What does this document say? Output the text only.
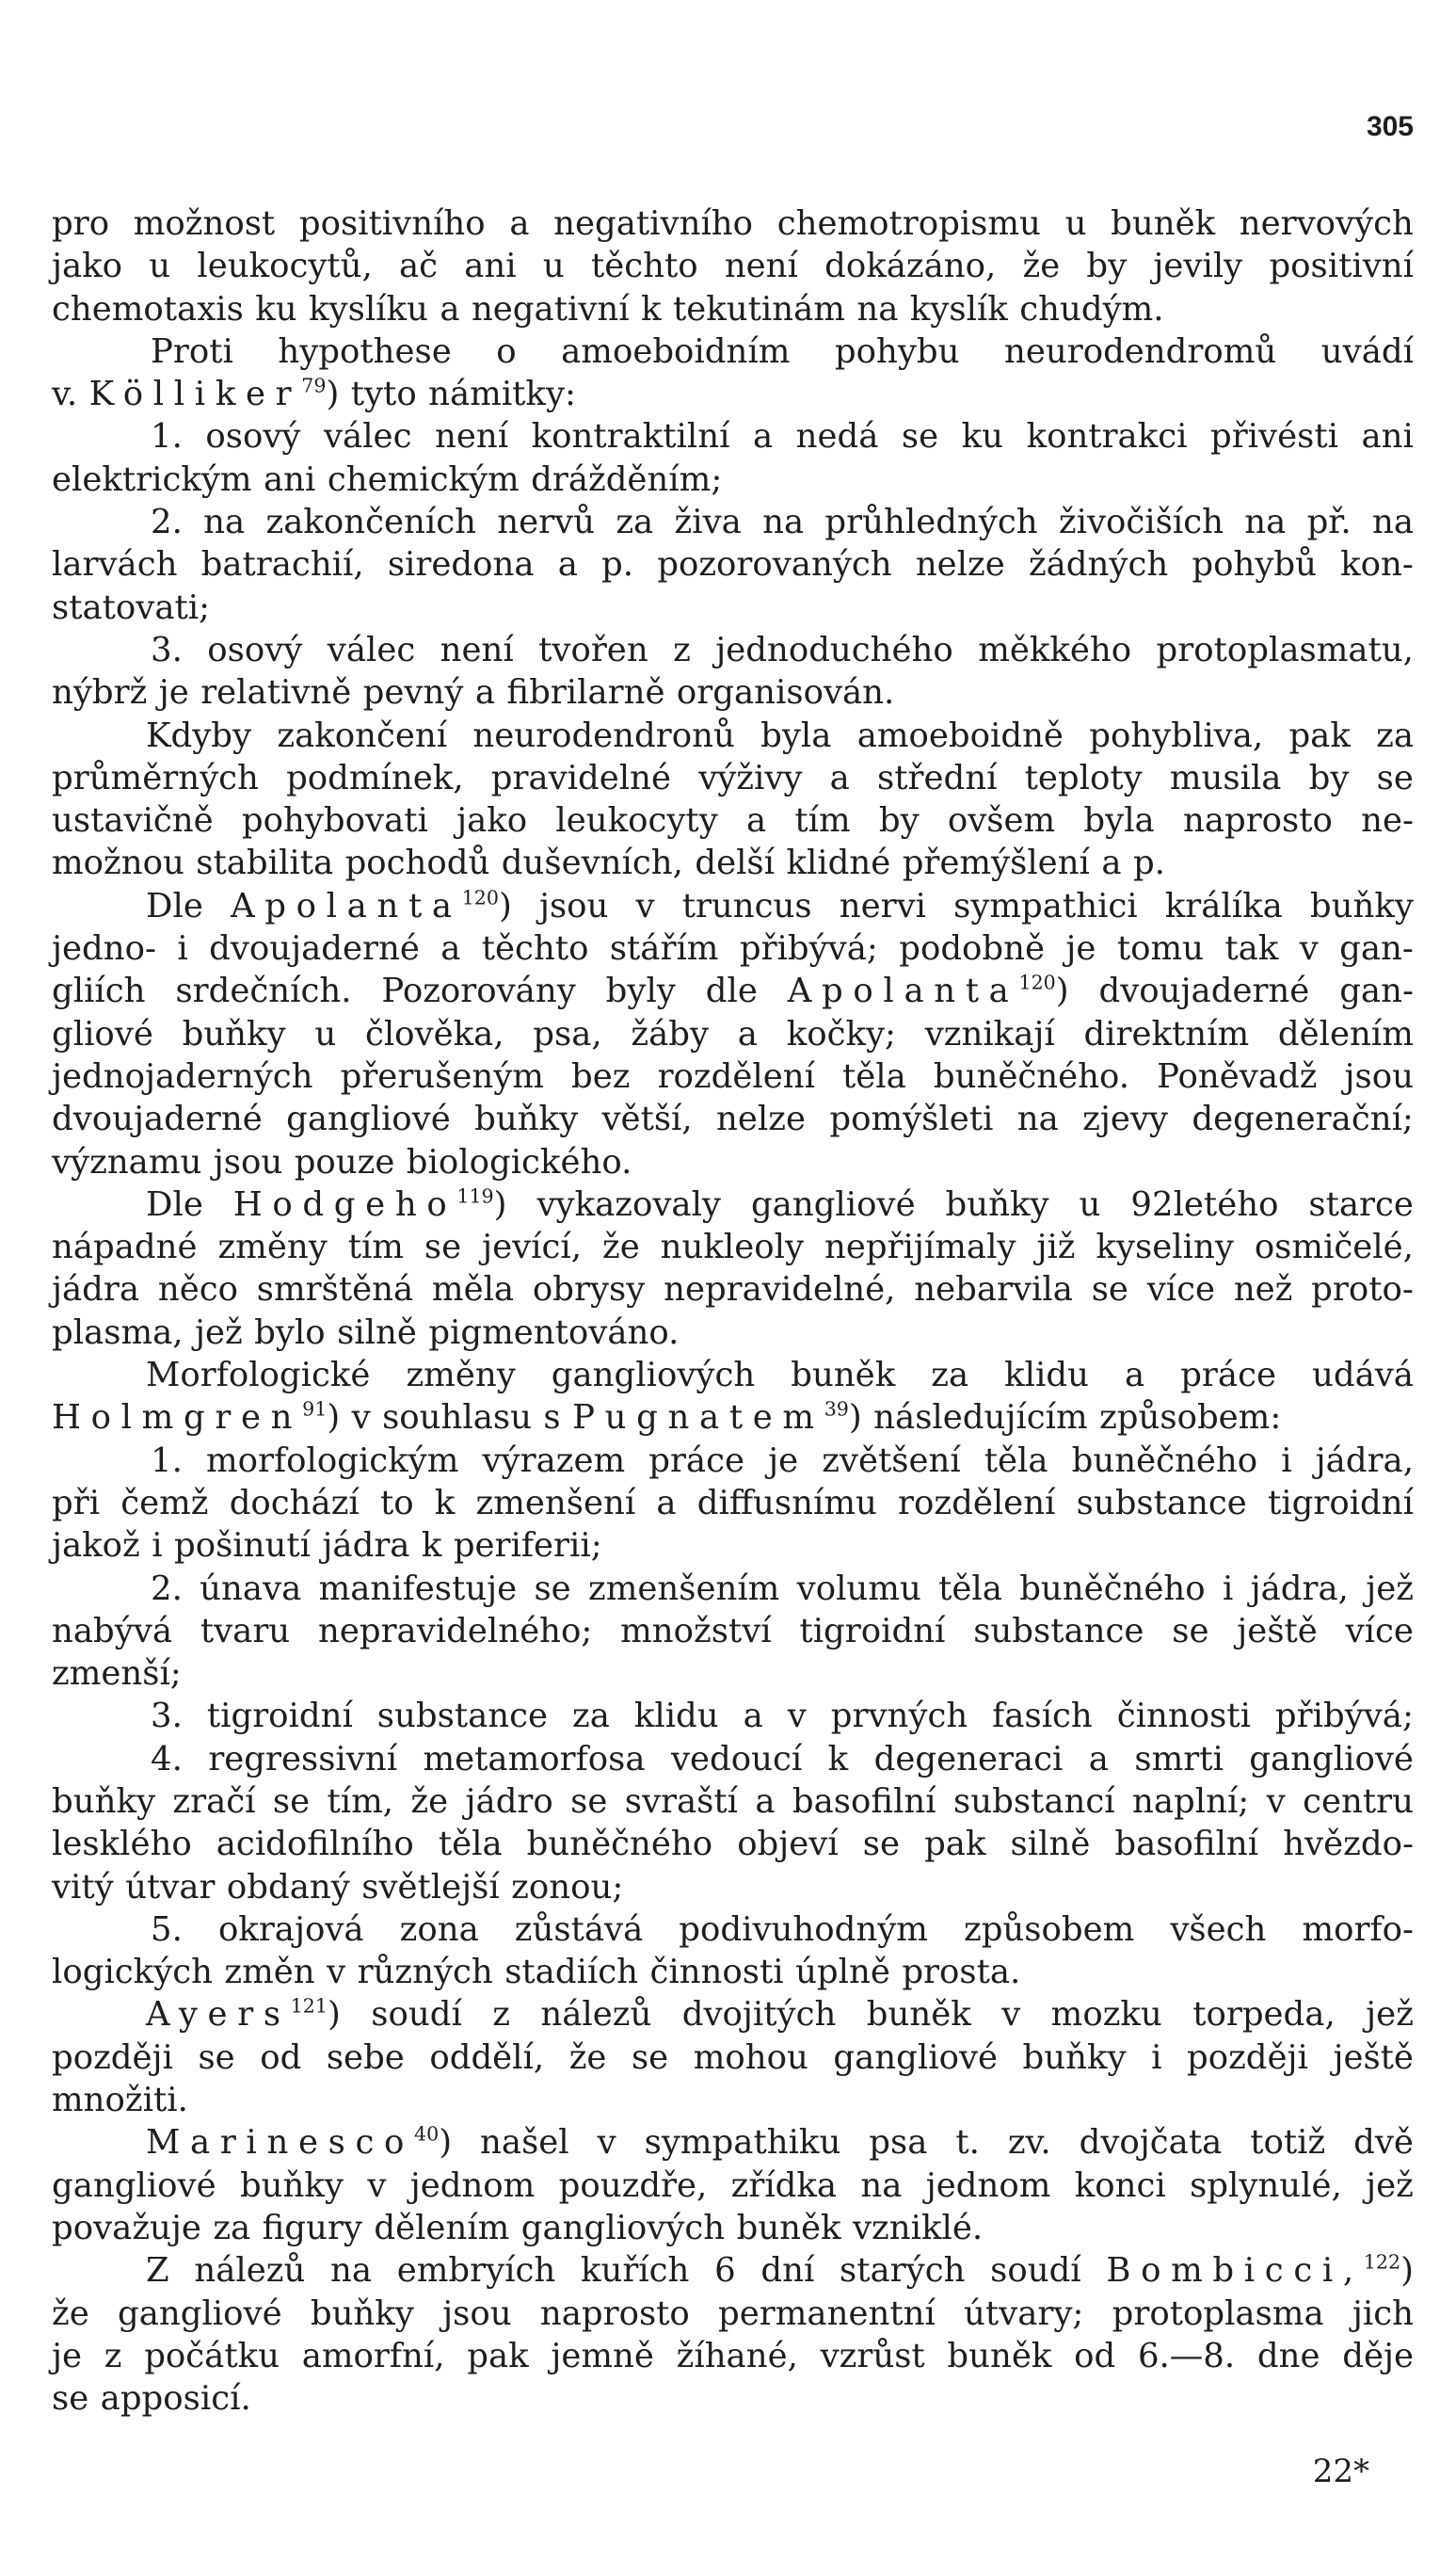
305
pro možnost positivního a negativního chemotropismu u buněk nervových
jako u leukocytů, ač ani u těchto není dokázáno, že by jevily positivní
chemotaxis ku kyslíku a negativní k tekutinám na kyslík chudým.
Proti hypothese o amoeboidním pohybu neurodendromů uvádí
v. Kölliker$^{79}$) tyto námitky:
1. osový válec není kontraktilní a nedá se ku kontrakci přivésti ani
elektrickým ani chemickým drážděním;
2. na zakončeních nervů za živa na průhledných živočiších na př. na
larvách batrachií, siredona a p. pozorovaných nelze žádných pohybů kon-
statovati;
3. osový válec není tvořen z jednoduchého měkkého protoplasmatu,
nýbrž je relativně pevný a fibrilarně organisován.
Kdyby zakončení neurodendronů byla amoeboidně pohybliva, pak za
průměrných podmínek, pravidelné výživy a střední teploty musila by se
ustavičně pohybovati jako leukocyty a tím by ovšem byla naprosto ne-
možnou stabilita pochodů duševních, delší klidné přemýšlení a p.
Dle Apolanta$^{120}$) jsou v truncus nervi sympathici králíka buňky
jedno- i dvoujaderné a těchto stářím přibývá; podobně je tomu tak v gan-
gliích srdečních. Pozorovány byly dle Apolanta$^{120}$) dvoujaderné gan-
gliové buňky u člověka, psa, žáby a kočky; vznikají direktním dělením
jednojaderných přerušeným bez rozdělení těla buněčného. Poněvadž jsou
dvoujaderné gangliové buňky větší, nelze pomýšleti na zjevy degenerační;
významu jsou pouze biologického.
Dle Hodgeho$^{119}$) vykazovaly gangliové buňky u 92letého starce
nápadné změny tím se jevící, že nukleoly nepřijímaly již kyseliny osmičelé,
jádra něco smrštěná měla obrysy nepravidelné, nebarvila se více než proto-
plasma, jež bylo silně pigmentováno.
Morfologické změny gangliových buněk za klidu a práce udává
Holmgren$^{91}$) v souhlasu s Pugnatem$^{39}$) následujícím způsobem:
1. morfologickým výrazem práce je zvětšení těla buněčného i jádra,
při čemž dochází to k zmenšení a diffusnímu rozdělení substance tigroidní
jakož i pošinutí jádra k periferii;
2. únava manifestuje se zmenšením volumu těla buněčného i jádra, jež
nabývá tvaru nepravidelného; množství tigroidní substance se ještě více
zmenší;
3. tigroidní substance za klidu a v prvných fasích činnosti přibývá;
4. regressivní metamorfosa vedoucí k degeneraci a smrti gangliové
buňky zračí se tím, že jádro se svraští a basofilní substancí naplní; v centru
lesklého acidofilního těla buněčného objeví se pak silně basofilní hvězdo-
vitý útvar obdaný světlejší zonou;
5. okrajová zona zůstává podivuhodným způsobem všech morfo-
logických změn v různých stadiích činnosti úplně prosta.
Ayers$^{121}$) soudí z nálezů dvojitých buněk v mozku torpeda, jež
později se od sebe oddělí, že se mohou gangliové buňky i později ještě
množiti.
Marinesco$^{40}$) našel v sympathiku psa t. zv. dvojčata totiž dvě
gangliové buňky v jednom pouzdře, zřídka na jednom konci splynulé, jež
považuje za figury dělením gangliových buněk vzniklé.
Z nálezů na embryích kuřích 6 dní starých soudí Bombicci,$^{122}$)
že gangliové buňky jsou naprosto permanentní útvary; protoplasma jich
je z počátku amorfní, pak jemně žíhané, vzrůst buněk od 6.—8. dne děje
se apposicí.
22*
